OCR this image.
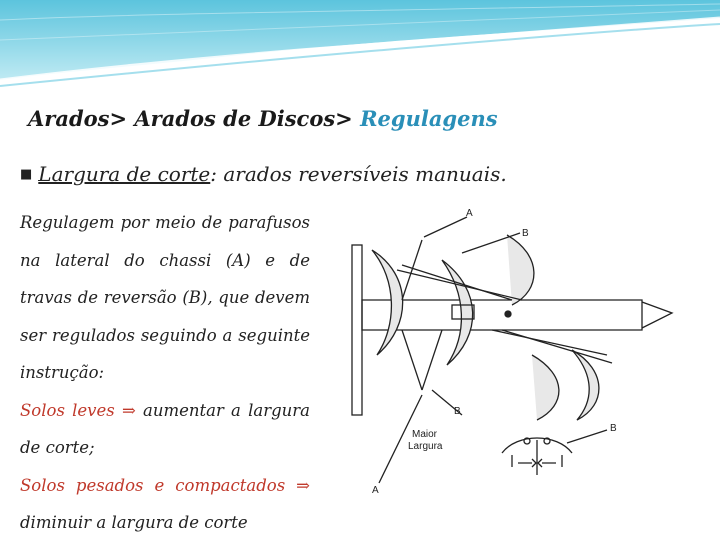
Arados> Arados de Discos> Regulagens
■ Largura de corte: arados reversíveis manuais.

Regulagem por meio de parafusos na lateral do chassi (A) e de travas de reversão (B), que devem ser regulados seguindo a seguinte instrução:

Solos leves ⇒ aumentar a largura de corte;

Solos pesados e compactados ⇒ diminuir a largura de corte

A
B
B
B
Maior
Largura
A
